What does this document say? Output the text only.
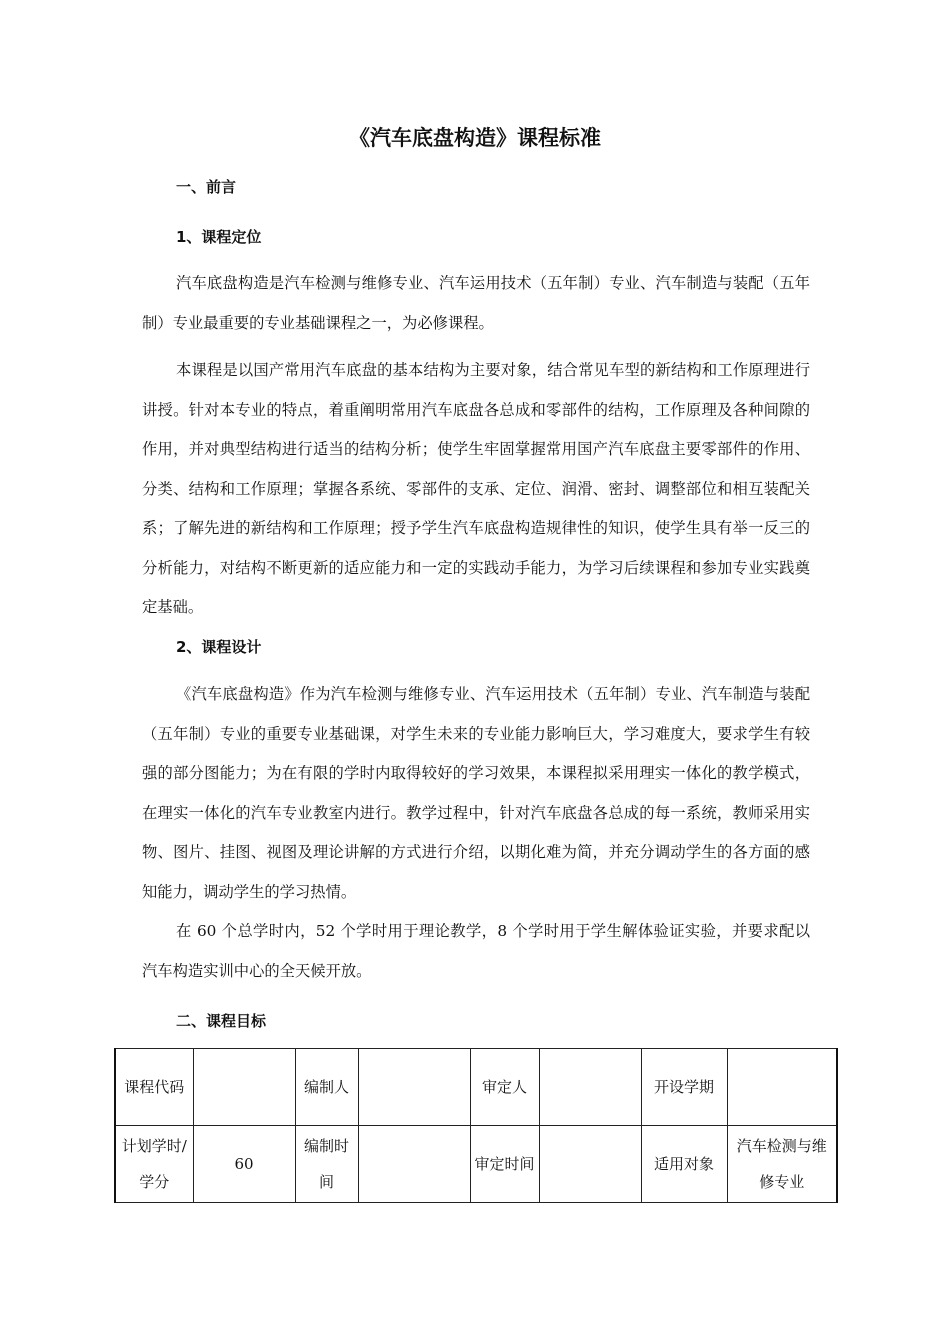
《汽车底盘构造》课程标准
一、前言
1、课程定位

汽车底盘构造是汽车检测与维修专业、汽车运用技术（五年制）专业、汽车制造与装配（五年制）专业最重要的专业基础课程之一，为必修课程。

本课程是以国产常用汽车底盘的基本结构为主要对象，结合常见车型的新结构和工作原理进行讲授。针对本专业的特点，着重阐明常用汽车底盘各总成和零部件的结构，工作原理及各种间隙的作用，并对典型结构进行适当的结构分析；使学生牢固掌握常用国产汽车底盘主要零部件的作用、分类、结构和工作原理；掌握各系统、零部件的支承、定位、润滑、密封、调整部位和相互装配关系；了解先进的新结构和工作原理；授予学生汽车底盘构造规律性的知识，使学生具有举一反三的分析能力，对结构不断更新的适应能力和一定的实践动手能力，为学习后续课程和参加专业实践奠定基础。

2、课程设计

《汽车底盘构造》作为汽车检测与维修专业、汽车运用技术（五年制）专业、汽车制造与装配（五年制）专业的重要专业基础课，对学生未来的专业能力影响巨大，学习难度大，要求学生有较强的部分图能力；为在有限的学时内取得较好的学习效果，本课程拟采用理实一体化的教学模式，在理实一体化的汽车专业教室内进行。教学过程中，针对汽车底盘各总成的每一系统，教师采用实物、图片、挂图、视图及理论讲解的方式进行介绍，以期化难为简，并充分调动学生的各方面的感知能力，调动学生的学习热情。

在 60 个总学时内，52 个学时用于理论教学，8 个学时用于学生解体验证实验，并要求配以汽车构造实训中心的全天候开放。

二、课程目标
课程代码		编制人		审定人		开设学期	
计划学时/学分	60	编制时间		审定时间		适用对象	汽车检测与维修专业
